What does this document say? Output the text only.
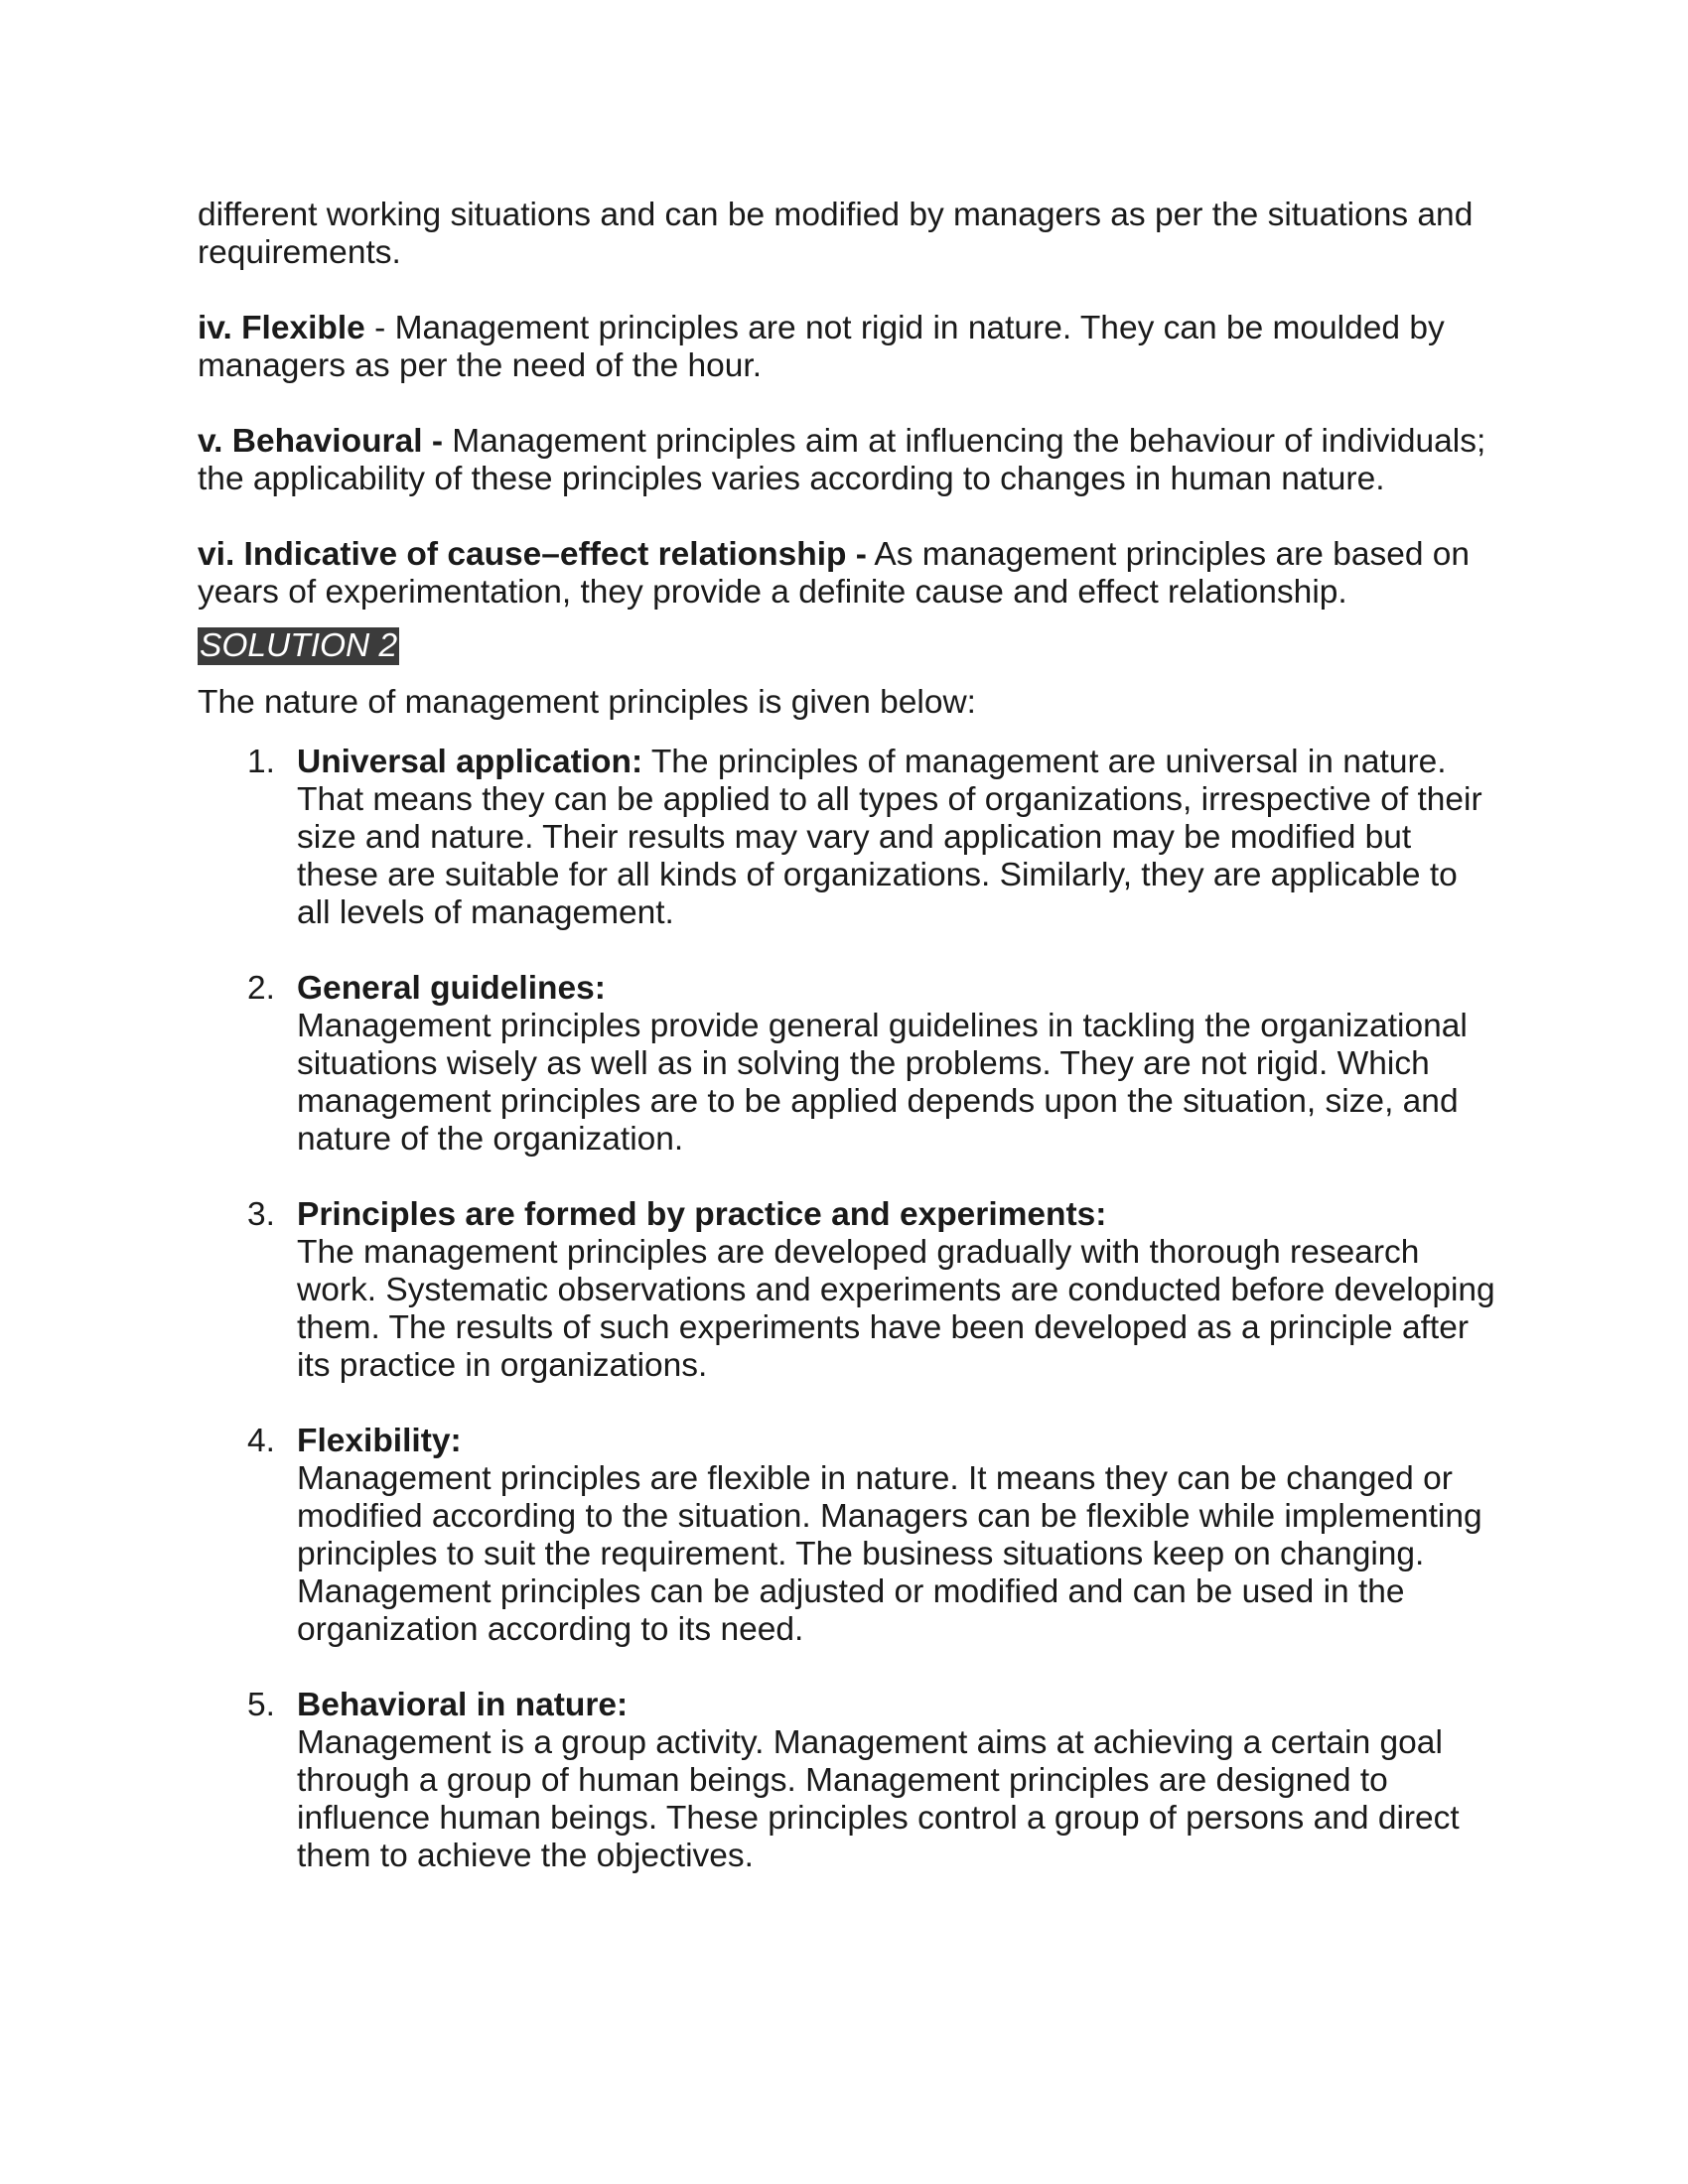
different working situations and can be modified by managers as per the situations and requirements.

iv. Flexible - Management principles are not rigid in nature. They can be moulded by managers as per the need of the hour.

v. Behavioural - Management principles aim at influencing the behaviour of individuals; the applicability of these principles varies according to changes in human nature.

vi. Indicative of cause–effect relationship - As management principles are based on years of experimentation, they provide a definite cause and effect relationship.

SOLUTION 2

The nature of management principles is given below:

1. Universal application: The principles of management are universal in nature. That means they can be applied to all types of organizations, irrespective of their size and nature. Their results may vary and application may be modified but these are suitable for all kinds of organizations. Similarly, they are applicable to all levels of management.
2. General guidelines:
Management principles provide general guidelines in tackling the organizational situations wisely as well as in solving the problems. They are not rigid. Which management principles are to be applied depends upon the situation, size, and nature of the organization.
3. Principles are formed by practice and experiments:
The management principles are developed gradually with thorough research work. Systematic observations and experiments are conducted before developing them. The results of such experiments have been developed as a principle after its practice in organizations.
4. Flexibility:
Management principles are flexible in nature. It means they can be changed or modified according to the situation. Managers can be flexible while implementing principles to suit the requirement. The business situations keep on changing. Management principles can be adjusted or modified and can be used in the organization according to its need.
5. Behavioral in nature:
Management is a group activity. Management aims at achieving a certain goal through a group of human beings. Management principles are designed to influence human beings. These principles control a group of persons and direct them to achieve the objectives.
